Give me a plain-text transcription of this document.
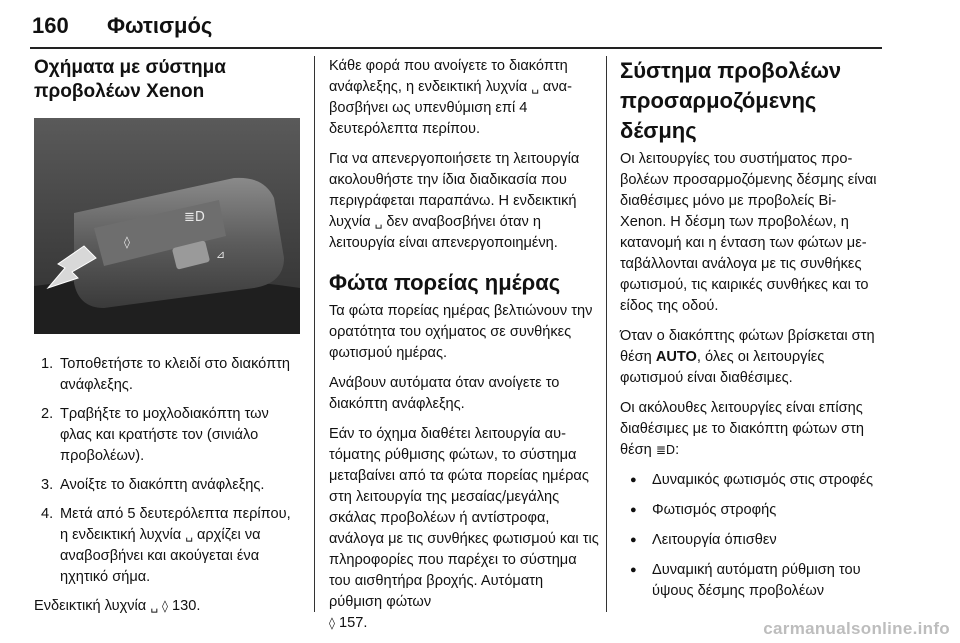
160 Φωτισμός
Οχήματα με σύστημα προβολέων Xenon
≣D
◊
⊿
1. Τοποθετήστε το κλειδί στο διακόπτη ανάφλεξης.
2. Τραβήξτε το μοχλοδιακόπτη των φλας και κρατήστε τον (σινιάλο προβολέων).
3. Ανοίξτε το διακόπτη ανάφλεξης.
4. Μετά από 5 δευτερόλεπτα περίπου, η ενδεικτική λυχνία ␣ αρχίζει να αναβοσβήνει και ακούγεται ένα ηχητικό σήμα.

Ενδεικτική λυχνία ␣ ◊ 130.

Κάθε φορά που ανοίγετε το διακόπτη ανάφλεξης, η ενδεικτική λυχνία ␣ αναβοσβήνει ως υπενθύμιση επί 4 δευτερόλεπτα περίπου.

Για να απενεργοποιήσετε τη λειτουργία ακολουθήστε την ίδια διαδικασία που περιγράφεται παραπάνω. Η ενδεικτική λυχνία ␣ δεν αναβοσβήνει όταν η λειτουργία είναι απενεργοποιημένη.

Φώτα πορείας ημέρας

Τα φώτα πορείας ημέρας βελτιώνουν την ορατότητα του οχήματος σε συνθήκες φωτισμού ημέρας.

Ανάβουν αυτόματα όταν ανοίγετε το διακόπτη ανάφλεξης.

Εάν το όχημα διαθέτει λειτουργία αυτόματης ρύθμισης φώτων, το σύστημα μεταβαίνει από τα φώτα πορείας ημέρας στη λειτουργία της μεσαίας/μεγάλης σκάλας προβολέων ή αντίστροφα, ανάλογα με τις συνθήκες φωτισμού και τις πληροφορίες που παρέχει το σύστημα του αισθητήρα βροχής. Αυτόματη ρύθμιση φώτων
◊ 157.

Σύστημα προβολέων προσαρμοζόμενης δέσμης

Οι λειτουργίες του συστήματος προβολέων προσαρμοζόμενης δέσμης είναι διαθέσιμες μόνο με προβολείς Bi-Xenon. Η δέσμη των προβολέων, η κατανομή και η ένταση των φώτων μεταβάλλονται ανάλογα με τις συνθήκες φωτισμού, τις καιρικές συνθήκες και το είδος της οδού.

Όταν ο διακόπτης φώτων βρίσκεται στη θέση AUTO, όλες οι λειτουργίες φωτισμού είναι διαθέσιμες.

Οι ακόλουθες λειτουργίες είναι επίσης διαθέσιμες με το διακόπτη φώτων στη θέση ≣D:

● Δυναμικός φωτισμός στις στροφές
● Φωτισμός στροφής
● Λειτουργία όπισθεν
● Δυναμική αυτόματη ρύθμιση του ύψους δέσμης προβολέων
carmanualsonline.info
